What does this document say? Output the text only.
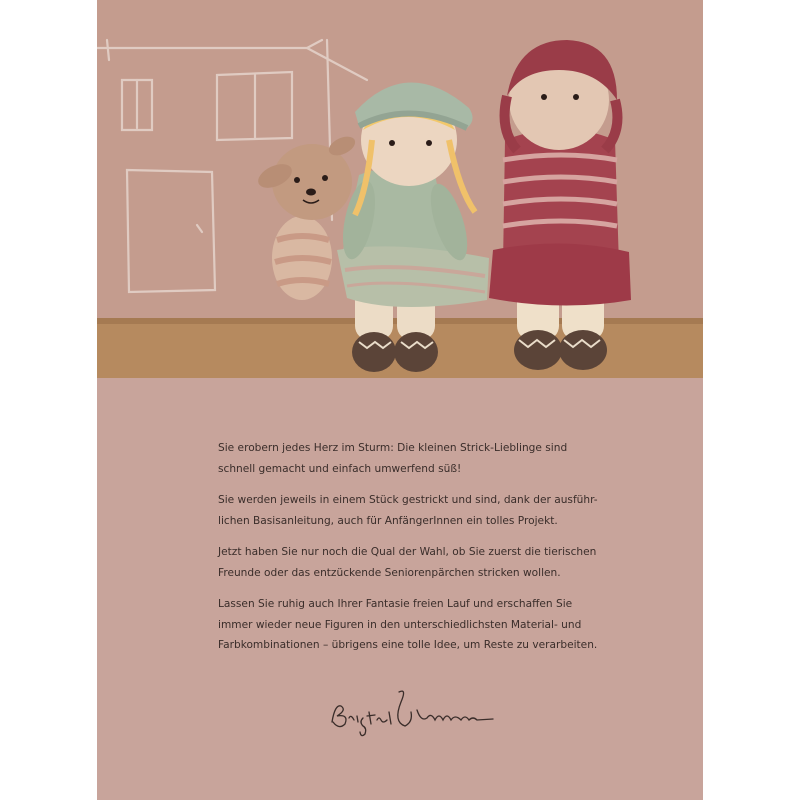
Sie erobern jedes Herz im Sturm: Die kleinen Strick-Lieblinge sind
schnell gemacht und einfach umwerfend süß!

Sie werden jeweils in einem Stück gestrickt und sind, dank der ausführ-
lichen Basisanleitung, auch für AnfängerInnen ein tolles Projekt.

Jetzt haben Sie nur noch die Qual der Wahl, ob Sie zuerst die tierischen
Freunde oder das entzückende Seniorenpärchen stricken wollen.

Lassen Sie ruhig auch Ihrer Fantasie freien Lauf und erschaffen Sie
immer wieder neue Figuren in den unterschiedlichsten Material- und
Farbkombinationen – übrigens eine tolle Idee, um Reste zu verarbeiten.
